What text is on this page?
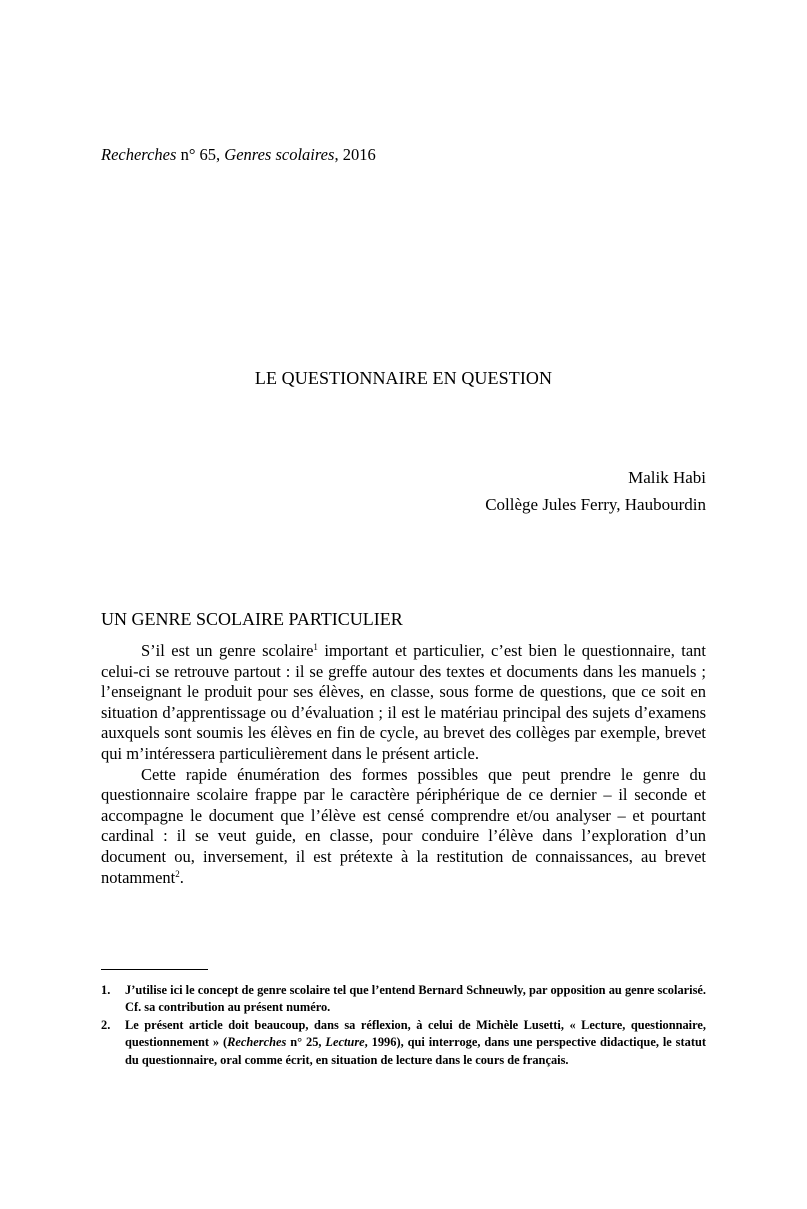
Recherches n° 65, Genres scolaires, 2016
LE QUESTIONNAIRE EN QUESTION
Malik Habi
Collège Jules Ferry, Haubourdin
UN GENRE SCOLAIRE PARTICULIER

S’il est un genre scolaire$^1$ important et particulier, c’est bien le questionnaire, tant celui-ci se retrouve partout : il se greffe autour des textes et documents dans les manuels ; l’enseignant le produit pour ses élèves, en classe, sous forme de questions, que ce soit en situation d’apprentissage ou d’évaluation ; il est le matériau principal des sujets d’examens auxquels sont soumis les élèves en fin de cycle, au brevet des collèges par exemple, brevet qui m’intéressera particulièrement dans le présent article.

Cette rapide énumération des formes possibles que peut prendre le genre du questionnaire scolaire frappe par le caractère périphérique de ce dernier – il seconde et accompagne le document que l’élève est censé comprendre et/ou analyser – et pourtant cardinal : il se veut guide, en classe, pour conduire l’élève dans l’exploration d’un document ou, inversement, il est prétexte à la restitution de connaissances, au brevet notamment$^2$.

1. J’utilise ici le concept de genre scolaire tel que l’entend Bernard Schneuwly, par opposition au genre scolarisé. Cf. sa contribution au présent numéro.
2. Le présent article doit beaucoup, dans sa réflexion, à celui de Michèle Lusetti, « Lecture, questionnaire, questionnement » (Recherches n° 25, Lecture, 1996), qui interroge, dans une perspective didactique, le statut du questionnaire, oral comme écrit, en situation de lecture dans le cours de français.
